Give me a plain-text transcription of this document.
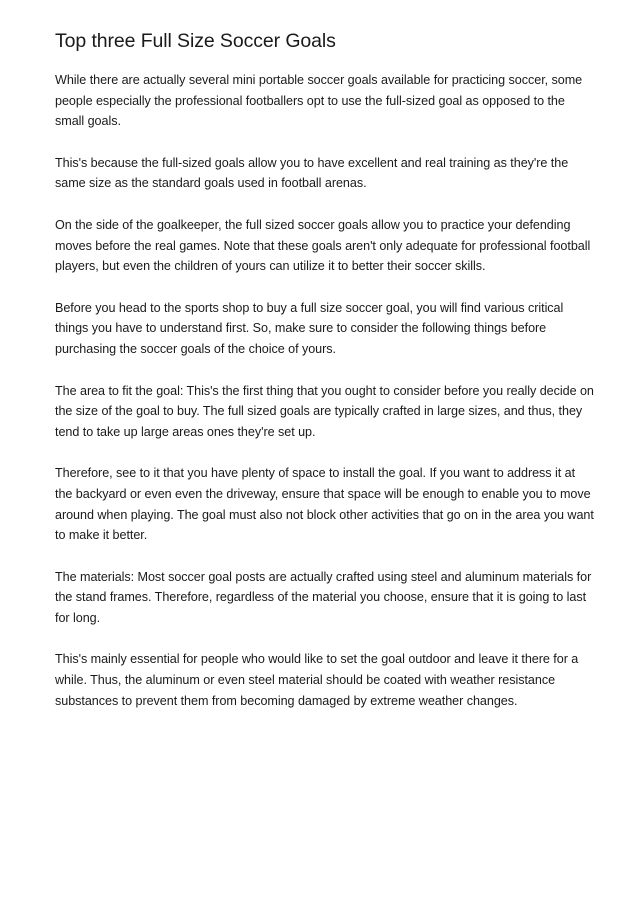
Top three Full Size Soccer Goals

While there are actually several mini portable soccer goals available for practicing soccer, some people especially the professional footballers opt to use the full-sized goal as opposed to the small goals.

This's because the full-sized goals allow you to have excellent and real training as they're the same size as the standard goals used in football arenas.

On the side of the goalkeeper, the full sized soccer goals allow you to practice your defending moves before the real games. Note that these goals aren't only adequate for professional football players, but even the children of yours can utilize it to better their soccer skills.

Before you head to the sports shop to buy a full size soccer goal, you will find various critical things you have to understand first. So, make sure to consider the following things before purchasing the soccer goals of the choice of yours.

The area to fit the goal: This's the first thing that you ought to consider before you really decide on the size of the goal to buy. The full sized goals are typically crafted in large sizes, and thus, they tend to take up large areas ones they're set up.

Therefore, see to it that you have plenty of space to install the goal. If you want to address it at the backyard or even even the driveway, ensure that space will be enough to enable you to move around when playing. The goal must also not block other activities that go on in the area you want to make it better.

The materials: Most soccer goal posts are actually crafted using steel and aluminum materials for the stand frames. Therefore, regardless of the material you choose, ensure that it is going to last for long.

This's mainly essential for people who would like to set the goal outdoor and leave it there for a while. Thus, the aluminum or even steel material should be coated with weather resistance substances to prevent them from becoming damaged by extreme weather changes.
